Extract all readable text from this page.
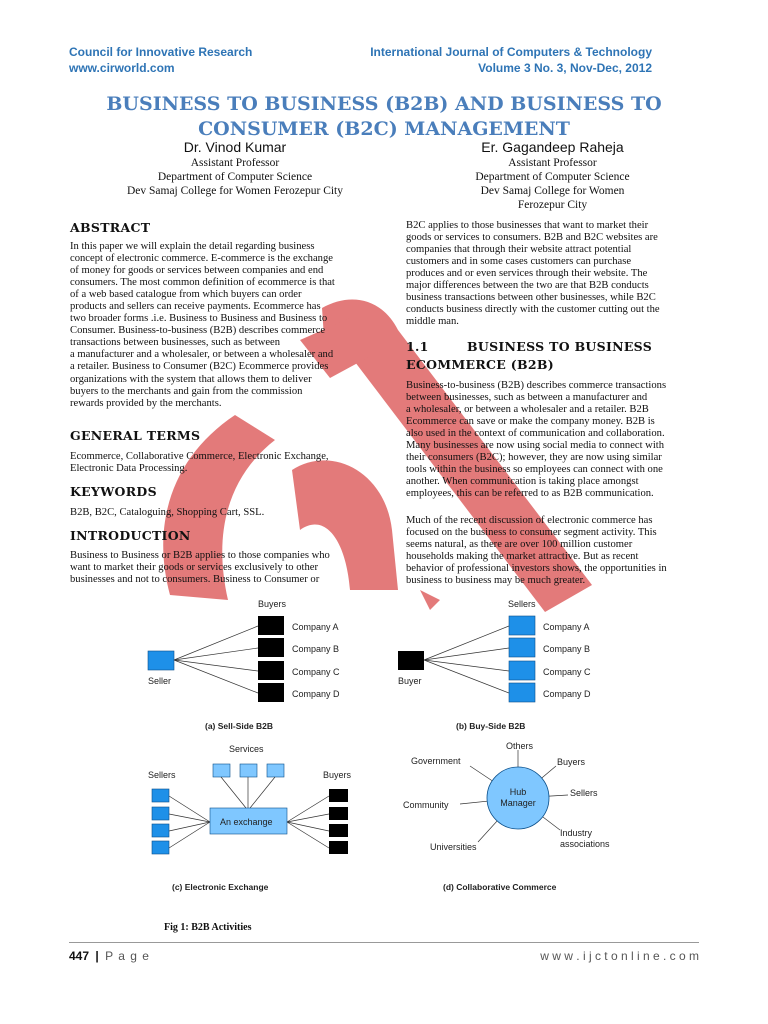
Council for Innovative Research
www.cirworld.com
International Journal of Computers & Technology
Volume 3 No. 3, Nov-Dec, 2012
BUSINESS TO BUSINESS (B2B) AND BUSINESS TO
CONSUMER (B2C) MANAGEMENT
Dr. Vinod Kumar
Assistant Professor
Department of Computer Science
Dev Samaj College for Women Ferozepur City
Er. Gagandeep Raheja
Assistant Professor
Department of Computer Science
Dev Samaj College for Women
Ferozepur City
ABSTRACT
In this paper we will explain the detail regarding business
concept of electronic commerce. E-commerce is the exchange
of money for goods or services between companies and end
consumers. The most common definition of ecommerce is that
of a web based catalogue from which buyers can order
products and sellers can receive payments. Ecommerce has
two broader forms .i.e. Business to Business and Business to
Consumer. Business-to-business (B2B) describes commerce
transactions between businesses, such as between
a manufacturer and a wholesaler, or between a wholesaler and
a retailer. Business to Consumer (B2C) Ecommerce provides
organizations with the system that allows them to deliver
buyers to the merchants and gain from the commission
rewards provided by the merchants.
GENERAL TERMS
Ecommerce, Collaborative Commerce, Electronic Exchange,
Electronic Data Processing.
KEYWORDS
B2B, B2C, Cataloguing, Shopping Cart, SSL.
INTRODUCTION
Business to Business or B2B applies to those companies who
want to market their goods or services exclusively to other
businesses and not to consumers. Business to Consumer or
B2C applies to those businesses that want to market their
goods or services to consumers. B2B and B2C websites are
companies that through their website attract potential
customers and in some cases customers can purchase
produces and or even services through their website. The
major differences between the two are that B2B conducts
business transactions between other businesses, while B2C
conducts business directly with the customer cutting out the
middle man.
1.1	BUSINESS TO BUSINESS
ECOMMERCE (B2B)
Business-to-business (B2B) describes commerce transactions
between businesses, such as between a manufacturer and
a wholesaler, or between a wholesaler and a retailer. B2B
Ecommerce can save or make the company money. B2B is
also used in the context of communication and collaboration.
Many businesses are now using social media to connect with
their consumers (B2C); however, they are now using similar
tools within the business so employees can connect with one
another. When communication is taking place amongst
employees, this can be referred to as B2B communication.
Much of the recent discussion of electronic commerce has
focused on the business to consumer segment activity. This
seems natural, as there are over 100 million customer
households making the market attractive. But as recent
behavior of professional investors shows, the opportunities in
business to business may be much greater.
Buyers
Seller
Company A
Company B
Company C
Company D
(a) Sell-Side B2B
Sellers
Buyer
Company A
Company B
Company C
Company D
(b) Buy-Side B2B
Services
Sellers	Buyers
An exchange
(c) Electronic Exchange
Hub
Manager
Others
Government	Buyers
Sellers
Community
Industry
associations
Universities
(d) Collaborative Commerce
Fig 1: B2B Activities
447 | P a g e	w w w . i j c t o n l i n e . c o m
